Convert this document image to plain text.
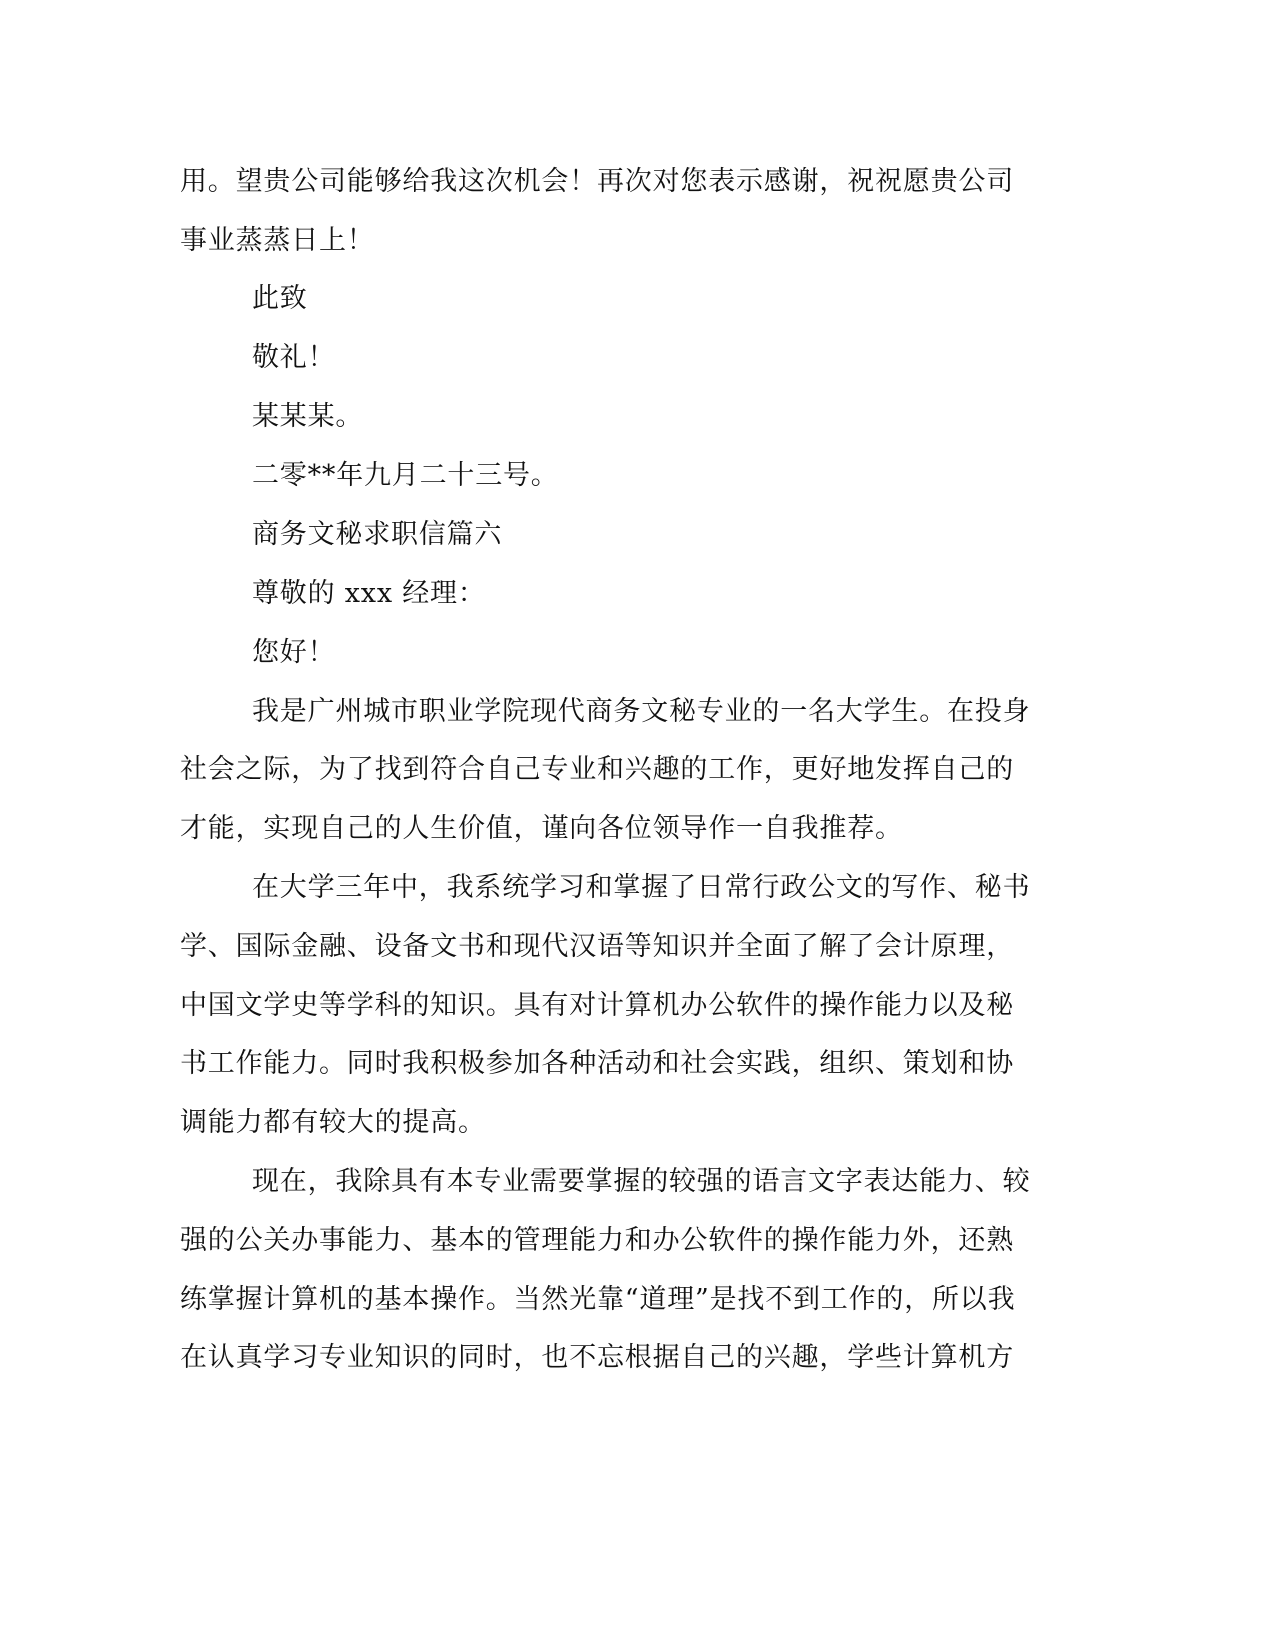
用。望贵公司能够给我这次机会！再次对您表示感谢，祝祝愿贵公司
事业蒸蒸日上！
此致
敬礼！
某某某。
二零**年九月二十三号。
商务文秘求职信篇六
尊敬的 xxx 经理：
您好！
我是广州城市职业学院现代商务文秘专业的一名大学生。在投身
社会之际，为了找到符合自己专业和兴趣的工作，更好地发挥自己的
才能，实现自己的人生价值，谨向各位领导作一自我推荐。
在大学三年中，我系统学习和掌握了日常行政公文的写作、秘书
学、国际金融、设备文书和现代汉语等知识并全面了解了会计原理，
中国文学史等学科的知识。具有对计算机办公软件的操作能力以及秘
书工作能力。同时我积极参加各种活动和社会实践，组织、策划和协
调能力都有较大的提高。
现在，我除具有本专业需要掌握的较强的语言文字表达能力、较
强的公关办事能力、基本的管理能力和办公软件的操作能力外，还熟
练掌握计算机的基本操作。当然光靠“道理”是找不到工作的，所以我
在认真学习专业知识的同时，也不忘根据自己的兴趣，学些计算机方
